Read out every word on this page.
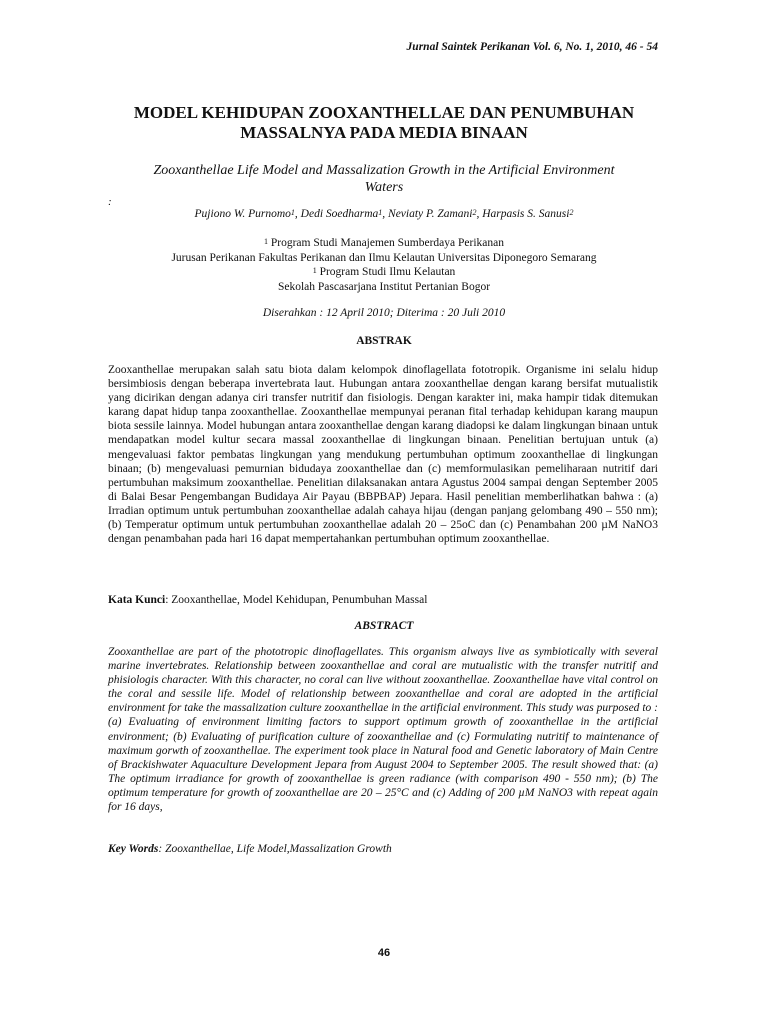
Jurnal Saintek Perikanan Vol. 6, No. 1, 2010, 46 - 54
MODEL KEHIDUPAN ZOOXANTHELLAE DAN PENUMBUHAN
MASSALNYA PADA MEDIA BINAAN
Zooxanthellae Life Model and Massalization Growth in the Artificial Environment
Waters
:
Pujiono W. Purnomo$^1$, Dedi Soedharma$^1$, Neviaty P. Zamani$^2$, Harpasis S. Sanusi$^2$
$^1$ Program Studi Manajemen Sumberdaya Perikanan
Jurusan Perikanan Fakultas Perikanan dan Ilmu Kelautan Universitas Diponegoro Semarang
$^1$ Program Studi Ilmu Kelautan
Sekolah Pascasarjana Institut Pertanian Bogor
Diserahkan : 12 April 2010; Diterima : 20 Juli 2010
ABSTRAK
Zooxanthellae merupakan salah satu biota dalam kelompok dinoflagellata fototropik. Organisme ini selalu hidup bersimbiosis dengan beberapa invertebrata laut. Hubungan antara zooxanthellae dengan karang bersifat mutualistik yang dicirikan dengan adanya ciri transfer nutritif dan fisiologis. Dengan karakter ini, maka hampir tidak ditemukan karang dapat hidup tanpa zooxanthellae. Zooxanthellae mempunyai peranan fital terhadap kehidupan karang maupun biota sessile lainnya. Model hubungan antara zooxanthellae dengan karang diadopsi ke dalam lingkungan binaan untuk mendapatkan model kultur secara massal zooxanthellae di lingkungan binaan. Penelitian bertujuan untuk (a) mengevaluasi faktor pembatas lingkungan yang mendukung pertumbuhan optimum zooxanthellae di lingkungan binaan; (b) mengevaluasi pemurnian bidudaya zooxanthellae dan (c) memformulasikan pemeliharaan nutritif dari pertumbuhan maksimum zooxanthellae. Penelitian dilaksanakan antara Agustus 2004 sampai dengan September 2005 di Balai Besar Pengembangan Budidaya Air Payau (BBPBAP) Jepara. Hasil penelitian memberlihatkan bahwa : (a) Irradian optimum untuk pertumbuhan zooxanthellae adalah cahaya hijau (dengan panjang gelombang 490 – 550 nm); (b) Temperatur optimum untuk pertumbuhan zooxanthellae adalah 20 – 25oC dan (c) Penambahan 200 µM NaNO3 dengan penambahan pada hari 16 dapat mempertahankan pertumbuhan optimum zooxanthellae.
Kata Kunci: Zooxanthellae, Model Kehidupan, Penumbuhan Massal
ABSTRACT
Zooxanthellae are part of the phototropic dinoflagellates. This organism always live as symbiotically with several marine invertebrates. Relationship between zooxanthellae and coral are mutualistic with the transfer nutritif and phisiologis character. With this character, no coral can live without zooxanthellae. Zooxanthellae have vital control on the coral and sessile life. Model of relationship between zooxanthellae and coral are adopted in the artificial environment for take the massalization culture zooxanthellae in the artificial environment. This study was purposed to : (a) Evaluating of environment limiting factors to support optimum growth of zooxanthellae in the artificial environment; (b) Evaluating of purification culture of zooxanthellae and (c) Formulating nutritif to maintenance of maximum gorwth of zooxanthellae. The experiment took place in Natural food and Genetic laboratory of Main Centre of Brackishwater Aquaculture Development Jepara from August 2004 to September 2005. The result showed that: (a) The optimum irradiance for growth of zooxanthellae is green radiance (with comparison 490 - 550 nm); (b) The optimum temperature for growth of zooxanthellae are 20 – 25°C and (c) Adding of 200 µM NaNO3 with repeat again for 16 days,
Key Words: Zooxanthellae, Life Model,Massalization Growth
46
